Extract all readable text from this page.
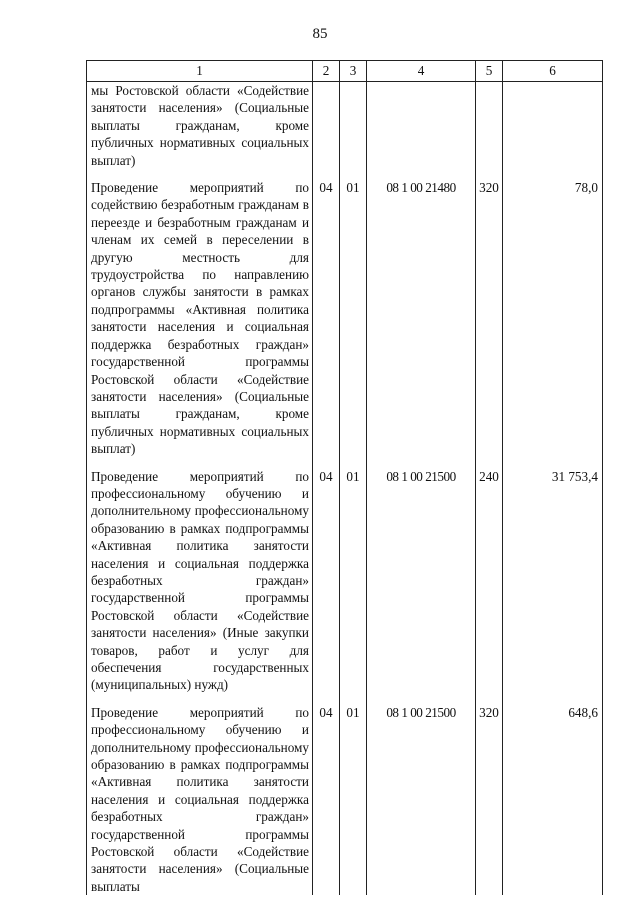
85
1	2	3	4	5	6
мы Ростовской области «Содействие занятости населения» (Социальные выплаты гражданам, кроме публичных нормативных социальных выплат)					
Проведение мероприятий по содействию безработным гражданам в переезде и безработным гражданам и членам их семей в переселении в другую местность для трудоустройства по направлению органов службы занятости в рамках подпрограммы «Активная политика занятости населения и социальная поддержка безработных граждан» государственной программы Ростовской области «Содействие занятости населения» (Социальные выплаты гражданам, кроме публичных нормативных социальных выплат)	04	01	08 1 00 21480	320	78,0
Проведение мероприятий по профессиональному обучению и дополнительному профессиональному образованию в рамках подпрограммы «Активная политика занятости населения и социальная поддержка безработных граждан» государственной программы Ростовской области «Содействие занятости населения» (Иные закупки товаров, работ и услуг для обеспечения государственных (муниципальных) нужд)	04	01	08 1 00 21500	240	31 753,4
Проведение мероприятий по профессиональному обучению и дополнительному профессиональному образованию в рамках подпрограммы «Активная политика занятости населения и социальная поддержка безработных граждан» государственной программы Ростовской области «Содействие занятости населения» (Социальные выплаты	04	01	08 1 00 21500	320	648,6
